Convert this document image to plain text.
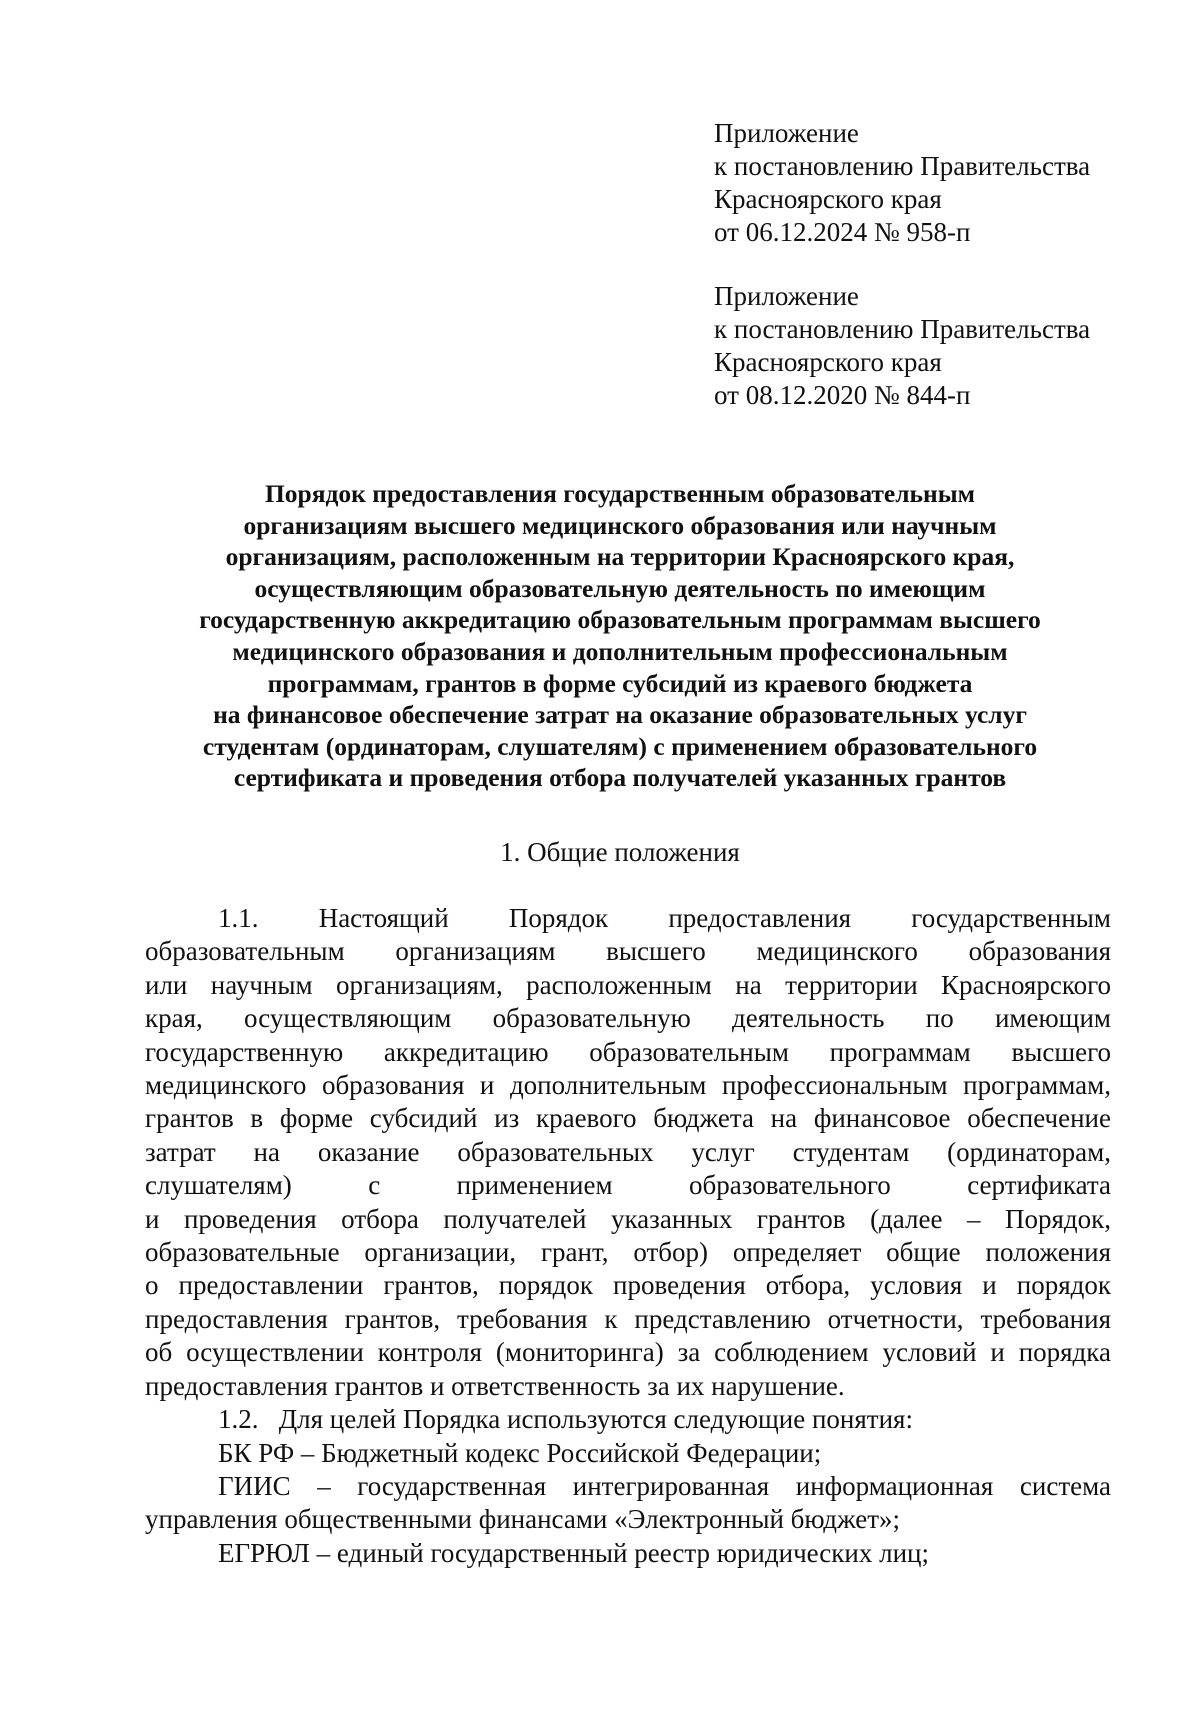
Приложение
к постановлению Правительства
Красноярского края
от 06.12.2024 № 958-п
Приложение
к постановлению Правительства
Красноярского края
от 08.12.2020 № 844-п
Порядок предоставления государственным образовательным
организациям высшего медицинского образования или научным
организациям, расположенным на территории Красноярского края,
осуществляющим образовательную деятельность по имеющим
государственную аккредитацию образовательным программам высшего
медицинского образования и дополнительным профессиональным
программам, грантов в форме субсидий из краевого бюджета
на финансовое обеспечение затрат на оказание образовательных услуг
студентам (ординаторам, слушателям) с применением образовательного
сертификата и проведения отбора получателей указанных грантов
1. Общие положения
1.1. Настоящий Порядок предоставления государственным
образовательным организациям высшего медицинского образования
или научным организациям, расположенным на территории Красноярского
края, осуществляющим образовательную деятельность по имеющим
государственную аккредитацию образовательным программам высшего
медицинского образования и дополнительным профессиональным программам,
грантов в форме субсидий из краевого бюджета на финансовое обеспечение
затрат на оказание образовательных услуг студентам (ординаторам,
слушателям) с применением образовательного сертификата
и проведения отбора получателей указанных грантов (далее – Порядок,
образовательные организации, грант, отбор) определяет общие положения
о предоставлении грантов, порядок проведения отбора, условия и порядок
предоставления грантов, требования к представлению отчетности, требования
об осуществлении контроля (мониторинга) за соблюдением условий и порядка
предоставления грантов и ответственность за их нарушение.
1.2.   Для целей Порядка используются следующие понятия:
БК РФ – Бюджетный кодекс Российской Федерации;
ГИИС – государственная интегрированная информационная система
управления общественными финансами «Электронный бюджет»;
ЕГРЮЛ – единый государственный реестр юридических лиц;
